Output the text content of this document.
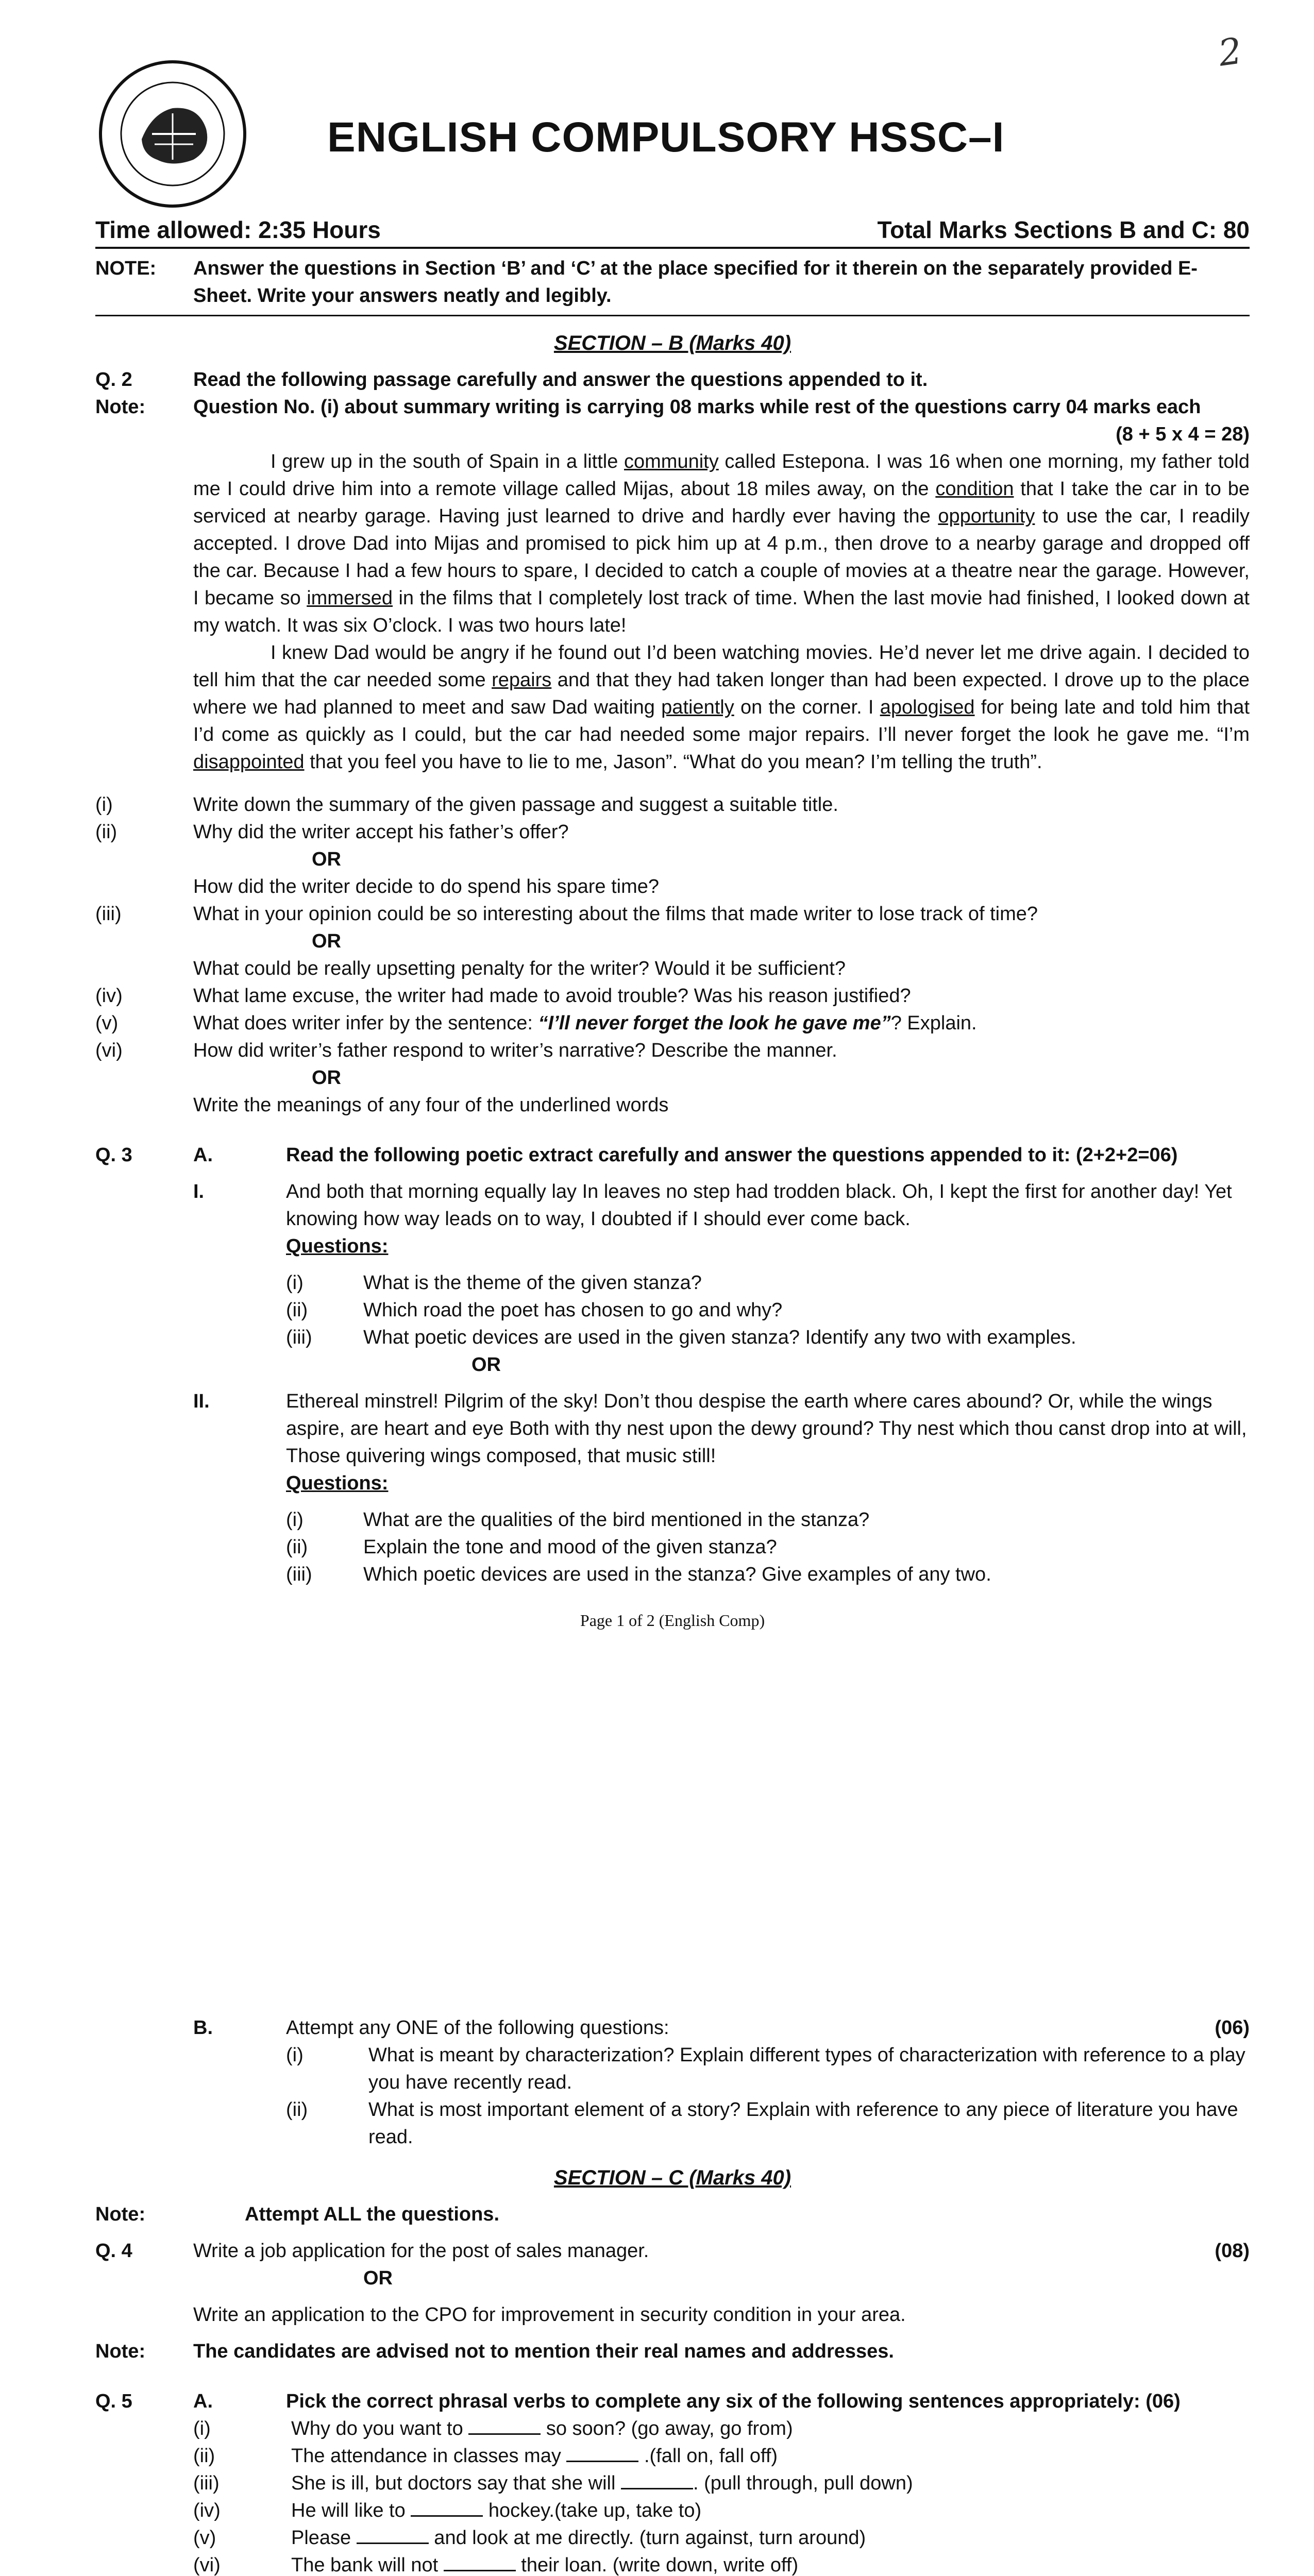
2
ENGLISH COMPULSORY HSSC–I
Time allowed: 2:35 Hours	Total Marks Sections B and C: 80
NOTE:	Answer the questions in Section ‘B’ and ‘C’ at the place specified for it therein on the separately provided E-Sheet. Write your answers neatly and legibly.
SECTION – B (Marks 40)
Q. 2	Read the following passage carefully and answer the questions appended to it.
Note:	Question No. (i) about summary writing is carrying 08 marks while rest of the questions carry 04 marks each
(8 + 5 x 4 = 28)

I grew up in the south of Spain in a little community called Estepona. I was 16 when one morning, my father told me I could drive him into a remote village called Mijas, about 18 miles away, on the condition that I take the car in to be serviced at nearby garage. Having just learned to drive and hardly ever having the opportunity to use the car, I readily accepted. I drove Dad into Mijas and promised to pick him up at 4 p.m., then drove to a nearby garage and dropped off the car. Because I had a few hours to spare, I decided to catch a couple of movies at a theatre near the garage. However, I became so immersed in the films that I completely lost track of time. When the last movie had finished, I looked down at my watch. It was six O’clock. I was two hours late!

I knew Dad would be angry if he found out I’d been watching movies. He’d never let me drive again. I decided to tell him that the car needed some repairs and that they had taken longer than had been expected. I drove up to the place where we had planned to meet and saw Dad waiting patiently on the corner. I apologised for being late and told him that I’d come as quickly as I could, but the car had needed some major repairs. I’ll never forget the look he gave me. “I’m disappointed that you feel you have to lie to me, Jason”. “What do you mean? I’m telling the truth”.

(i)	Write down the summary of the given passage and suggest a suitable title.
(ii)	Why did the writer accept his father’s offer?
OR
How did the writer decide to do spend his spare time?
(iii)	What in your opinion could be so interesting about the films that made writer to lose track of time?
OR
What could be really upsetting penalty for the writer? Would it be sufficient?
(iv)	What lame excuse, the writer had made to avoid trouble? Was his reason justified?
(v)	What does writer infer by the sentence: “I’ll never forget the look he gave me”? Explain.
(vi)	How did writer’s father respond to writer’s narrative? Describe the manner.
OR
Write the meanings of any four of the underlined words
Q. 3	A.	Read the following poetic extract carefully and answer the questions appended to it: (2+2+2=06)
I.	And both that morning equally lay In leaves no step had trodden black. Oh, I kept the first for another day! Yet knowing how way leads on to way, I doubted if I should ever come back.
Questions:
(i)	What is the theme of the given stanza?
(ii)	Which road the poet has chosen to go and why?
(iii)	What poetic devices are used in the given stanza? Identify any two with examples.
OR
II.	Ethereal minstrel! Pilgrim of the sky! Don’t thou despise the earth where cares abound? Or, while the wings aspire, are heart and eye Both with thy nest upon the dewy ground? Thy nest which thou canst drop into at will, Those quivering wings composed, that music still!
Questions:
(i)	What are the qualities of the bird mentioned in the stanza?
(ii)	Explain the tone and mood of the given stanza?
(iii)	Which poetic devices are used in the stanza? Give examples of any two.
Page 1 of 2 (English Comp)
B.	Attempt any ONE of the following questions:	(06)
(i)	What is meant by characterization? Explain different types of characterization with reference to a play you have recently read.
(ii)	What is most important element of a story? Explain with reference to any piece of literature you have read.
SECTION – C (Marks 40)
Note:	Attempt ALL the questions.
Q. 4	Write a job application for the post of sales manager.	(08)
OR
Write an application to the CPO for improvement in security condition in your area.
Note:	The candidates are advised not to mention their real names and addresses.
Q. 5	A.	Pick the correct phrasal verbs to complete any six of the following sentences appropriately: (06)
(i)	Why do you want to	so soon? (go away, go from)
(ii)	The attendance in classes may	.(fall on, fall off)
(iii)	She is ill, but doctors say that she will	. (pull through, pull down)
(iv)	He will like to	hockey.(take up, take to)
(v)	Please	and look at me directly. (turn against, turn around)
(vi)	The bank will not	their loan. (write down, write off)
